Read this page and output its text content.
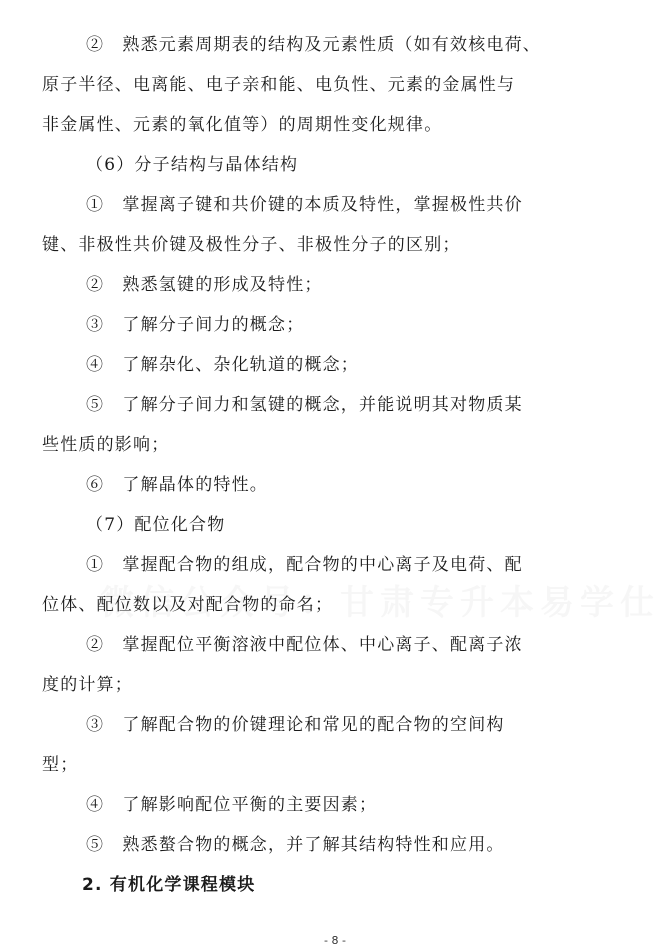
②　熟悉元素周期表的结构及元素性质（如有效核电荷、
原子半径、电离能、电子亲和能、电负性、元素的金属性与
非金属性、元素的氧化值等）的周期性变化规律。
（6）分子结构与晶体结构
①　掌握离子键和共价键的本质及特性，掌握极性共价
键、非极性共价键及极性分子、非极性分子的区别；
②　熟悉氢键的形成及特性；
③　了解分子间力的概念；
④　了解杂化、杂化轨道的概念；
⑤　了解分子间力和氢键的概念，并能说明其对物质某
些性质的影响；
⑥　了解晶体的特性。
（7）配位化合物
①　掌握配合物的组成，配合物的中心离子及电荷、配
位体、配位数以及对配合物的命名；
②　掌握配位平衡溶液中配位体、中心离子、配离子浓
度的计算；
③　了解配合物的价键理论和常见的配合物的空间构
型；
④　了解影响配位平衡的主要因素；
⑤　熟悉螯合物的概念，并了解其结构特性和应用。
2. 有机化学课程模块
- 8 -
